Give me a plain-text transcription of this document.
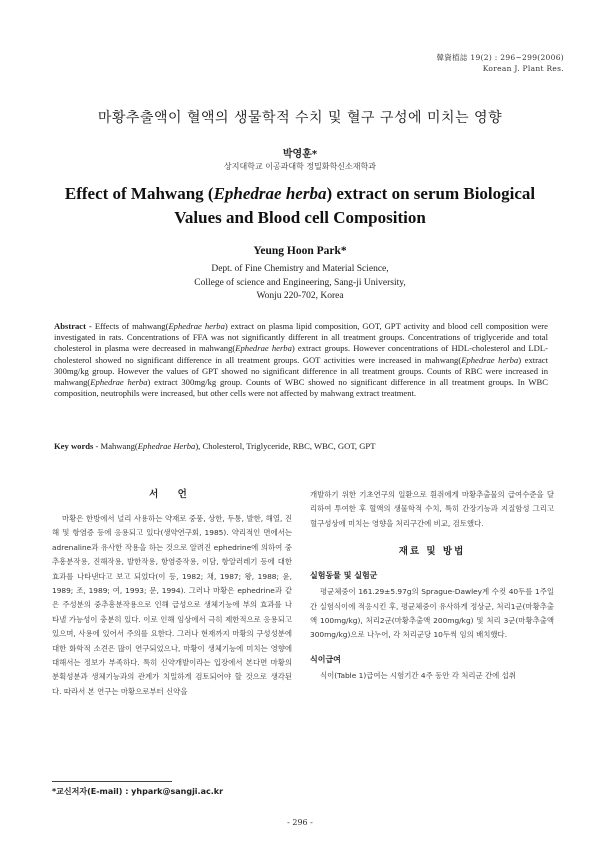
韓資植誌 19(2) : 296~299(2006)
Korean J. Plant Res.
마황추출액이 혈액의 생물학적 수치 및 혈구 구성에 미치는 영향
박영훈*
상지대학교 이공과대학 정밀화학신소재학과
Effect of Mahwang (Ephedrae herba) extract on serum Biological
Values and Blood cell Composition
Yeung Hoon Park*
Dept. of Fine Chemistry and Material Science,
College of science and Engineering, Sang-ji University,
Wonju 220-702, Korea
Abstract - Effects of mahwang(Ephedrae herba) extract on plasma lipid composition, GOT, GPT activity and blood cell composition were investigated in rats. Concentrations of FFA was not significantly different in all treatment groups. Concentrations of triglyceride and total cholesterol in plasma were decreased in mahwang(Ephedrae herba) extract groups. However concentrations of HDL-cholesterol and LDL-cholesterol showed no significant difference in all treatment groups. GOT activities were increased in mahwang(Ephedrae herba) extract 300mg/kg group. However the values of GPT showed no significant difference in all treatment groups. Counts of RBC were increased in mahwang(Ephedrae herba) extract 300mg/kg group. Counts of WBC showed no significant difference in all treatment groups. In WBC composition, neutrophils were increased, but other cells were not affected by mahwang extract treatment.
Key words - Mahwang(Ephedrae Herba), Cholesterol, Triglyceride, RBC, WBC, GOT, GPT
서 언

마황은 한방에서 널리 사용하는 약재로 중풍, 상한, 두통, 발한, 해열, 진해 및 항염증 등에 응용되고 있다(생약연구회, 1985). 약리적인 면에서는 adrenaline과 유사한 작용을 하는 것으로 알려진 ephedrine에 의하여 중추흥분작용, 진해작용, 발한작용, 항염증작용, 이담, 항알러레기 등에 대한 효과를 나타낸다고 보고 되었다(이 등, 1982; 채, 1987; 왕, 1988; 윤, 1989; 조, 1989; 여, 1993; 문, 1994). 그러나 마황은 ephedrine과 같은 주성분의 중추흥분작용으로 인해 급성으로 생체기능에 부의 효과를 나타낼 가능성이 충분히 있다. 이로 인해 임상에서 극히 제한적으로 응용되고 있으며, 사용에 있어서 주의를 요한다. 그러나 현재까지 마황의 구성성분에 대한 화학적 소견은 많이 연구되었으나, 마황이 생체기능에 미치는 영향에 대해서는 정보가 부족하다. 특히 신약개발이라는 입장에서 본다면 마황의 분획성분과 생체기능과의 관계가 치밀하게 검토되어야 할 것으로 생각된다. 따라서 본 연구는 마황으로부터 신약을

개발하기 위한 기초연구의 일환으로 흰쥐에게 마황추출물의 급여수준을 달리하여 투여한 후 혈액의 생물학적 수치, 특히 간장기능과 지질함성 그리고 혈구성상에 미치는 영향을 처리구간에 비교, 검토했다.

재료 및 방법
실험동물 및 실험군

평균체중이 161.29±5.97g의 Sprague-Dawley계 수컷 40두를 1주일간 실험식이에 적응시킨 후, 평균체중이 유사하게 정상군, 처리1군(마황추출액 100mg/kg), 처리2군(마황추출액 200mg/kg) 및 처리 3군(마황추출액 300mg/kg)으로 나누어, 각 처리군당 10두씩 임의 배치했다.

식이급여

식이(Table 1)급여는 시험기간 4주 동안 각 처리군 간에 섭취

*교신저자(E-mail) : yhpark@sangji.ac.kr
- 296 -
